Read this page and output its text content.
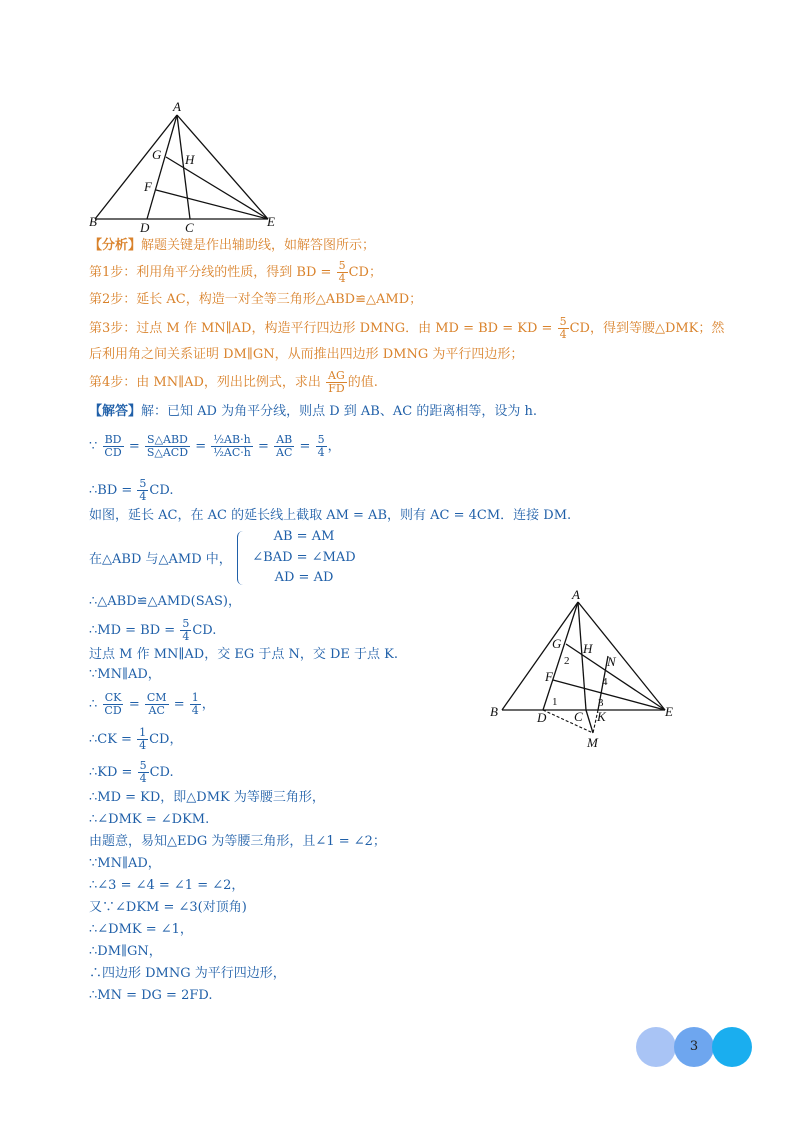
A
G H
F
B	D	C	E
【分析】解题关键是作出辅助线，如解答图所示；
第1步：利用角平分线的性质，得到 BD = $\frac{5}{4}$ CD；
第2步：延长 AC，构造一对全等三角形△ABD≌△AMD；
第3步：过点 M 作 MN∥AD，构造平行四边形 DMNG．由 MD = BD = KD = $\frac{5}{4}$ CD，得到等腰△DMK；然
后利用角之间关系证明 DM∥GN，从而推出四边形 DMNG 为平行四边形；
第4步：由 MN∥AD，列出比例式，求出 $\frac{AG}{FD}$ 的值.
【解答】解：已知 AD 为角平分线，则点 D 到 AB、AC 的距离相等，设为 h.
∵ $\frac{BD}{CD} = \frac{\text{S△ABD}}{\text{S△ACD}} = \frac{\text{½AB·h}}{\text{½AC·h}} = \frac{AB}{AC} = \frac{5}{4}$ ，
∴BD = $\frac{5}{4}$ CD.
如图，延长 AC，在 AC 的延长线上截取 AM = AB，则有 AC = 4CM．连接 DM.
在△ABD 与△AMD 中，
AB = AM
∠BAD = ∠MAD
AD = AD
∴△ABD≌△AMD(SAS)，
∴MD = BD = $\frac{5}{4}$ CD.
过点 M 作 MN∥AD，交 EG 于点 N，交 DE 于点 K.
∵MN∥AD，
∴ $\frac{CK}{CD} = \frac{CM}{AC} = \frac{1}{4}$ ，
∴CK = $\frac{1}{4}$ CD，
∴KD = $\frac{5}{4}$ CD.
∴MD = KD，即△DMK 为等腰三角形，
∴∠DMK = ∠DKM.
由题意，易知△EDG 为等腰三角形，且∠1 = ∠2；
∵MN∥AD，
∴∠3 = ∠4 = ∠1 = ∠2，
又∵∠DKM = ∠3(对顶角)
∴∠DMK = ∠1，
∴DM∥GN，
∴四边形 DMNG 为平行四边形，
∴MN = DG = 2FD.
A
G H
N
F
B	D C K	E
M
1
2
3
4
3
